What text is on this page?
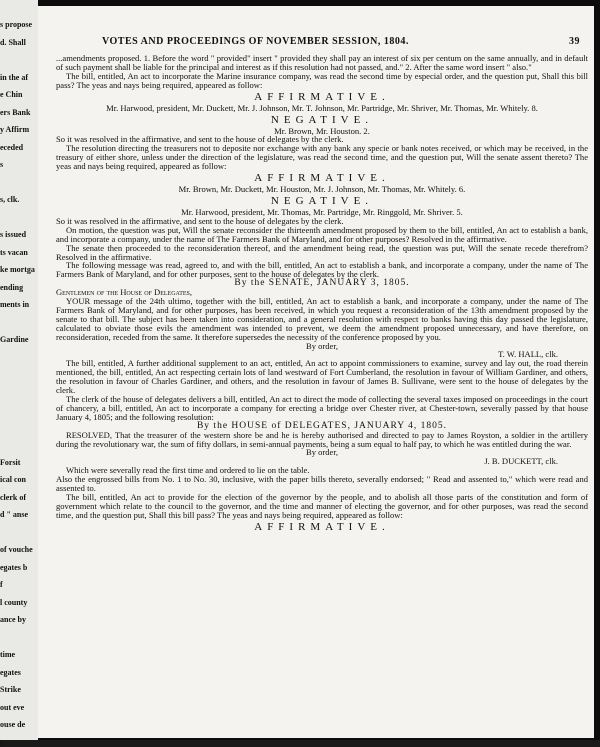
s propose
d. Shall
in the af
e Chin
ers Bank
y Affirm
eceded
s
s, clk.
s issued
ts vacan
ke mortga
ending
ments in
Gardine
Forsit
ical con
clerk of
d " anse
of vouche
egates b
f
l county
ance by
time
egates
Strike
out eve
ouse de
s
VOTES AND PROCEEDINGS OF NOVEMBER SESSION, 1804.	39

...amendments proposed. 1. Before the word " provided" insert " provided they shall pay an interest of six per centum on the same annually, and in default of such payment shall be liable for the principal and interest as if this resolution had not passed, and." 2. After the same word insert " also."

The bill, entitled, An act to incorporate the Marine insurance company, was read the second time by especial order, and the question put, Shall this bill pass? The yeas and nays being required, appeared as follow:

AFFIRMATIVE.

Mr. Harwood, president, Mr. Duckett, Mr. J. Johnson, Mr. T. Johnson, Mr. Partridge, Mr. Shriver, Mr. Thomas, Mr. Whitely. 8.

NEGATIVE.

Mr. Brown, Mr. Houston. 2.

So it was resolved in the affirmative, and sent to the house of delegates by the clerk.

The resolution directing the treasurers not to deposite nor exchange with any bank any specie or bank notes received, or which may be received, in the treasury of either shore, unless under the direction of the legislature, was read the second time, and the question put, Will the senate assent thereto? The yeas and nays being required, appeared as follow:

AFFIRMATIVE.

Mr. Brown, Mr. Duckett, Mr. Houston, Mr. J. Johnson, Mr. Thomas, Mr. Whitely. 6.

NEGATIVE.

Mr. Harwood, president, Mr. Thomas, Mr. Partridge, Mr. Ringgold, Mr. Shriver. 5.

So it was resolved in the affirmative, and sent to the house of delegates by the clerk.

On motion, the question was put, Will the senate reconsider the thirteenth amendment proposed by them to the bill, entitled, An act to establish a bank, and incorporate a company, under the name of The Farmers Bank of Maryland, and for other purposes? Resolved in the affirmative.

The senate then proceeded to the reconsideration thereof, and the amendment being read, the question was put, Will the senate recede therefrom? Resolved in the affirmative.

The following message was read, agreed to, and with the bill, entitled, An act to establish a bank, and incorporate a company, under the name of The Farmers Bank of Maryland, and for other purposes, sent to the house of delegates by the clerk.

By the SENATE, JANUARY 3, 1805.

Gentlemen of the House of Delegates,

YOUR message of the 24th ultimo, together with the bill, entitled, An act to establish a bank, and incorporate a company, under the name of The Farmers Bank of Maryland, and for other purposes, has been received, in which you request a reconsideration of the 13th amendment proposed by the senate to that bill. The subject has been taken into consideration, and a general resolution with respect to banks having this day passed the legislature, calculated to obviate those evils the amendment was intended to prevent, we deem the amendment proposed unnecessary, and have therefore, on reconsideration, receded from the same. It therefore supersedes the necessity of the conference proposed by you.

By order,

T. W. HALL, clk.

The bill, entitled, A further additional supplement to an act, entitled, An act to appoint commissioners to examine, survey and lay out, the road therein mentioned, the bill, entitled, An act respecting certain lots of land westward of Fort Cumberland, the resolution in favour of William Gardiner, and others, the resolution in favour of Charles Gardiner, and others, and the resolution in favour of James B. Sullivane, were sent to the house of delegates by the clerk.

The clerk of the house of delegates delivers a bill, entitled, An act to direct the mode of collecting the several taxes imposed on proceedings in the court of chancery, a bill, entitled, An act to incorporate a company for erecting a bridge over Chester river, at Chester-town, severally passed by that house January 4, 1805; and the following resolution:

By the HOUSE of DELEGATES, JANUARY 4, 1805.

RESOLVED, That the treasurer of the western shore be and he is hereby authorised and directed to pay to James Royston, a soldier in the artillery during the revolutionary war, the sum of fifty dollars, in semi-annual payments, being a sum equal to half pay, to which he was entitled during the war.

By order,

J. B. DUCKETT, clk.

Which were severally read the first time and ordered to lie on the table.

Also the engrossed bills from No. 1 to No. 30, inclusive, with the paper bills thereto, severally endorsed; " Read and assented to," which were read and assented to.

The bill, entitled, An act to provide for the election of the governor by the people, and to abolish all those parts of the constitution and form of government which relate to the council to the governor, and the time and manner of electing the governor, and for other purposes, was read the second time, and the question put, Shall this bill pass? The yeas and nays being required, appeared as follow:

AFFIRMATIVE.
